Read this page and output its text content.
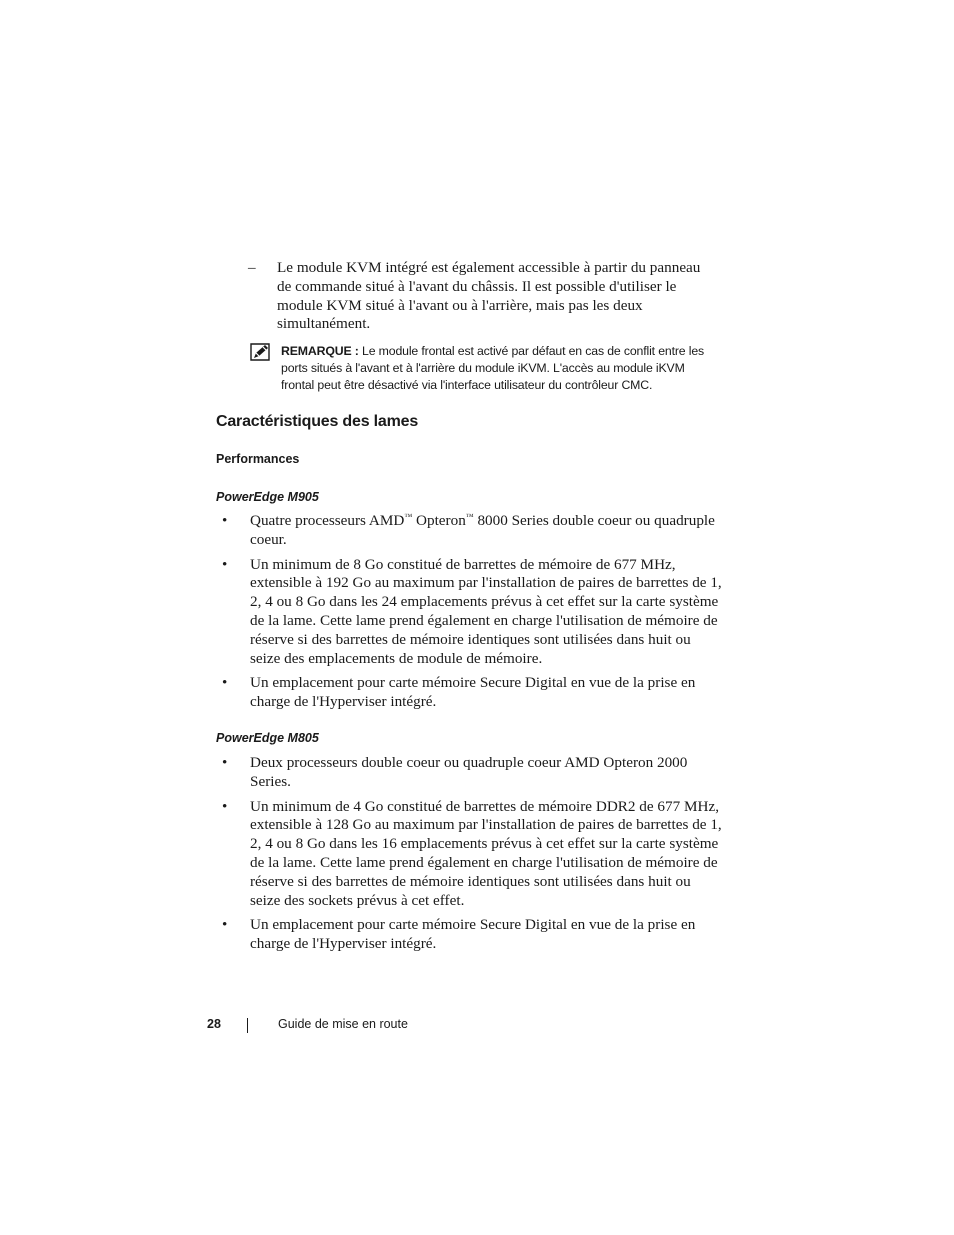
– Le module KVM intégré est également accessible à partir du panneau de commande situé à l'avant du châssis. Il est possible d'utiliser le module KVM situé à l'avant ou à l'arrière, mais pas les deux simultanément.
REMARQUE : Le module frontal est activé par défaut en cas de conflit entre les ports situés à l'avant et à l'arrière du module iKVM. L'accès au module iKVM frontal peut être désactivé via l'interface utilisateur du contrôleur CMC.
Caractéristiques des lames
Performances
PowerEdge M905
• Quatre processeurs AMD™ Opteron™ 8000 Series double coeur ou quadruple coeur.
• Un minimum de 8 Go constitué de barrettes de mémoire de 677 MHz, extensible à 192 Go au maximum par l'installation de paires de barrettes de 1, 2, 4 ou 8 Go dans les 24 emplacements prévus à cet effet sur la carte système de la lame. Cette lame prend également en charge l'utilisation de mémoire de réserve si des barrettes de mémoire identiques sont utilisées dans huit ou seize des emplacements de module de mémoire.
• Un emplacement pour carte mémoire Secure Digital en vue de la prise en charge de l'Hyperviser intégré.
PowerEdge M805
• Deux processeurs double coeur ou quadruple coeur AMD Opteron 2000 Series.
• Un minimum de 4 Go constitué de barrettes de mémoire DDR2 de 677 MHz, extensible à 128 Go au maximum par l'installation de paires de barrettes de 1, 2, 4 ou 8 Go dans les 16 emplacements prévus à cet effet sur la carte système de la lame. Cette lame prend également en charge l'utilisation de mémoire de réserve si des barrettes de mémoire identiques sont utilisées dans huit ou seize des sockets prévus à cet effet.
• Un emplacement pour carte mémoire Secure Digital en vue de la prise en charge de l'Hyperviser intégré.
28	Guide de mise en route
